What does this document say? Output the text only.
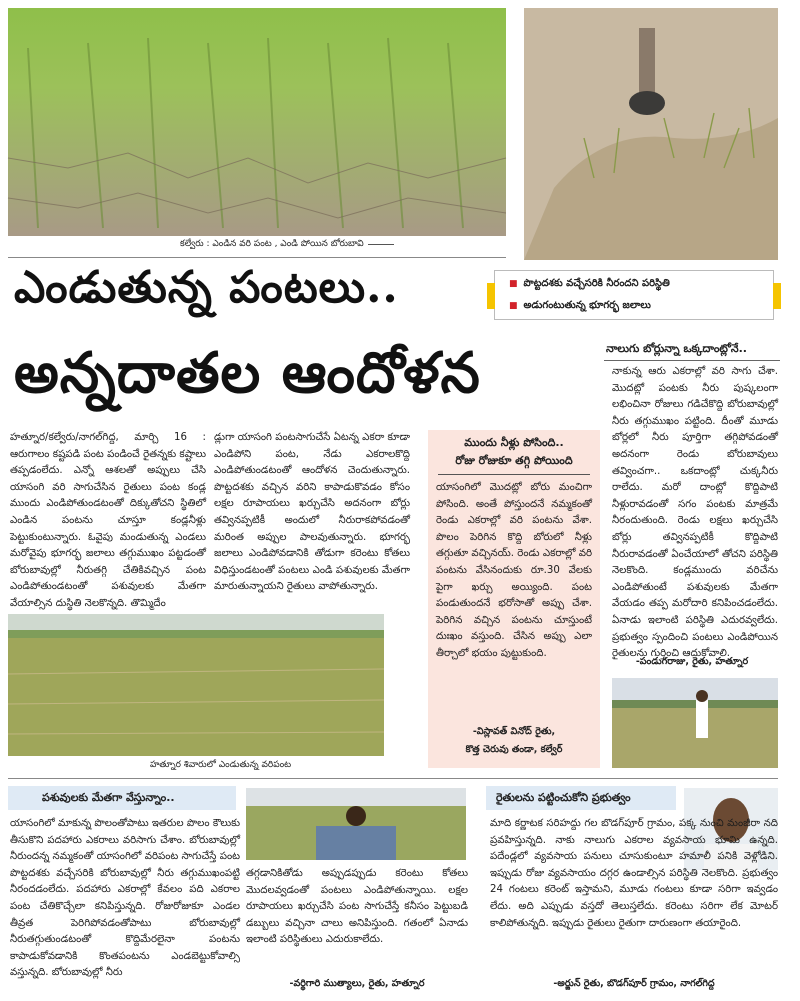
కల్వేరు : ఎండిన వరి పంట , ఎండి పోయిన బోరుబావి
ఎండుతున్న పంటలు..
అన్నదాతల ఆందోళన
■ పొట్టదశకు వచ్చేసరికి నీరందని పరిస్థితి
■ అడుగంటుతున్న భూగర్భ జలాలు
హత్నూర/కల్వేరు/నాగల్‌గిద్ద, మార్చి 16 : ఆరుగాలం కష్టపడి పంట పండించే రైతన్నకు కష్టాలు తప్పడంలేదు. ఎన్నో ఆశలతో అప్పులు చేసి యాసంగి వరి సాగుచేసిన రైతులు పంట కండ్ల ముందు ఎండిపోతుండటంతో దిక్కుతోచని స్థితిలో ఎండిన పంటను చూస్తూ కండ్లనీళ్లు పెట్టుకుంటున్నారు. ఓవైపు మండుతున్న ఎండలు మరోవైపు భూగర్భ జలాలు తగ్గుముఖం పట్టడంతో బోరుబావుల్లో నీరుతగ్గి చేతికివచ్చిన పంట ఎండిపోతుండటంతో పశువులకు మేతగా వేయాల్సిన దుస్థితి నెలకొన్నది. తొమ్మిదేం
డ్లుగా యాసంగి పంటసాగుచేసే ఏటన్న ఎకరా కూడా ఎండిపోని పంట, నేడు ఎకరాలకొద్ది ఎండిపోతుండటంతో ఆందోళన చెందుతున్నారు. పొట్టదశకు వచ్చిన వరిని కాపాడుకొవడం కోసం లక్షల రూపాయలు ఖర్చుచేసి అదనంగా బోర్లు తవ్వినప్పటికీ అందులో నీరురాకపోవడంతో మరింత అప్పుల పాలవుతున్నారు. భూగర్భ జలాలు ఎండిపోవడానికి తోడుగా కరెంటు కోతలు విధిస్తుండటంతో పంటలు ఎండి పశువులకు మేతగా మారుతున్నాయని రైతులు వాపోతున్నారు.
హత్నూర శివారులో ఎండుతున్న వరిపంట
ముందు నీళ్లు పోసింది..
రోజు రోజుకూ తగ్గి పోయింది
యాసంగిలో మొదట్లో బోరు మంచిగా పోసింది. అంతే పోస్తుందనే నమ్మకంతో రెండు ఎకరాల్లో వరి పంటను వేశా. పొలం పెరిగిన కొద్ది బోరులో నీళ్లు తగ్గుతూ వచ్చినయ్. రెండు ఎకరాల్లో వరి పంటను వేసినందుకు రూ.30 వేలకు పైగా ఖర్చు అయ్యింది. పంట పండుతుందనే భరోసాతో అప్పు చేశా. పెరిగిన వచ్చిన పంటను చూస్తుంటే దుఃఖం వస్తుంది. చేసిన అప్పు ఎలా తీర్చాలో భయం పుట్టుకుంది.
-విస్లావత్ వినోద్ రైతు,
కొత్త చెరువు తండా, కల్వేర్
నాలుగు బోర్లున్నా ఒక్కదాంట్లోనే..
నాకున్న ఆరు ఎకరాల్లో వరి సాగు చేశా. మొదట్లో పంటకు నీరు పుష్కలంగా లభించినా రోజులు గడిచేకొద్ది బోరుబావుల్లో నీరు తగ్గుముఖం పట్టింది. దీంతో మూడు బోర్లలో నీరు పూర్తిగా తగ్గిపోవడంతో అదనంగా రెండు బోరుబావులు తవ్వించగా.. ఒకదాంట్లో చుక్కనీరు రాలేదు. మరో దాంట్లో కొద్దిపాటి నీళ్లురావడంతో సగం పంటకు మాత్రమే నీరందుతుంది. రెండు లక్షలు ఖర్చుచేసి బోర్లు తవ్వినప్పటికీ కొద్దిపాటి నీరురావడంతో ఏంచేయాలో తోచని పరిస్థితి నెలకొంది. కండ్లముందు వరిచేను ఎండిపోతుంటే పశువులకు మేతగా వేయడం తప్ప మరోదారి కనిపించడంలేదు. ఏనాడు ఇలాంటి పరిస్థితి ఎదురవ్వలేదు. ప్రభుత్వం స్పందించి పంటలు ఎండిపోయిన రైతులను గుర్తించి ఆదుకోవాలి.
-పండుగరాజు, రైతు, హత్నూర
పశువులకు మేతగా వేస్తున్నాం..
యాసంగిలో మాకున్న పొలంతోపాటు ఇతరుల పొలం కౌలుకు తీసుకొని పదహారు ఎకరాలు వరిసాగు చేశాం. బోరుబావుల్లో నీరుందన్న నమ్మకంతో యాసంగిలో వరిపంట సాగుచేస్తే పంట పొట్టదశకు వచ్చేసరికి బోరుబావుల్లో నీరు తగ్గుముఖంపట్టి నీరందడంలేదు. పదహారు ఎకరాల్లో కేవలం పది ఎకరాల పంట చేతికొచ్చేలా కనిపిస్తున్నది. రోజురోజుకూ ఎండల తీవ్రత పెరిగిపోవడంతోపాటు బోరుబావుల్లో నీరుతగ్గుతుండటంతో కొద్దిమేరలైనా పంటను కాపాడుకోవడానికి కొంతపంటను ఎండబెట్టుకోవాల్సి వస్తున్నది. బోరుబావుల్లో నీరు
తగ్గడానికితోడు అప్పుడప్పుడు కరెంటు కోతలు మొదలవ్వడంతో పంటలు ఎండిపోతున్నాయి. లక్షల రూపాయలు ఖర్చుచేసి పంట సాగుచేస్తే కనీసం పెట్టుబడి డబ్బులు వచ్చినా చాలు అనిపిస్తుంది. గతంలో ఏనాడు ఇలాంటి పరిస్థితులు ఎదురుకాలేదు.
-వర్థిగారి ముత్యాలు, రైతు, హత్నూర
రైతులను పట్టించుకోని ప్రభుత్వం
మాది కర్ణాటక సరిహద్దు గల బొడగ్‌పూర్ గ్రామం, పక్క నుంచి మంజీరా నది ప్రవహిస్తున్నది. నాకు నాలుగు ఎకరాల వ్యవసాయ భూమి ఉన్నది. పదేండ్లలో వ్యవసాయ పనులు చూసుకుంటూ హమాలీ పనికి వెళ్లోడిని. ఇప్పుడు రోజు వ్యవసాయం దగ్గర ఉండాల్సిన పరిస్థితి నెలకొంది. ప్రభుత్వం 24 గంటలు కరెంట్ ఇస్తామని, మూడు గంటలు కూడా సరిగా ఇవ్వడం లేదు. అది ఎప్పుడు వస్తదో తెలుస్తలేదు. కరెంటు సరిగా లేక మోటర్ కాలిపోతున్నది. ఇప్పుడు రైతులు రైతుగా దారుణంగా తయారైంది.
-అర్జున్ రైతు, బొడగ్‌పూర్ గ్రామం, నాగల్‌గిద్ద
